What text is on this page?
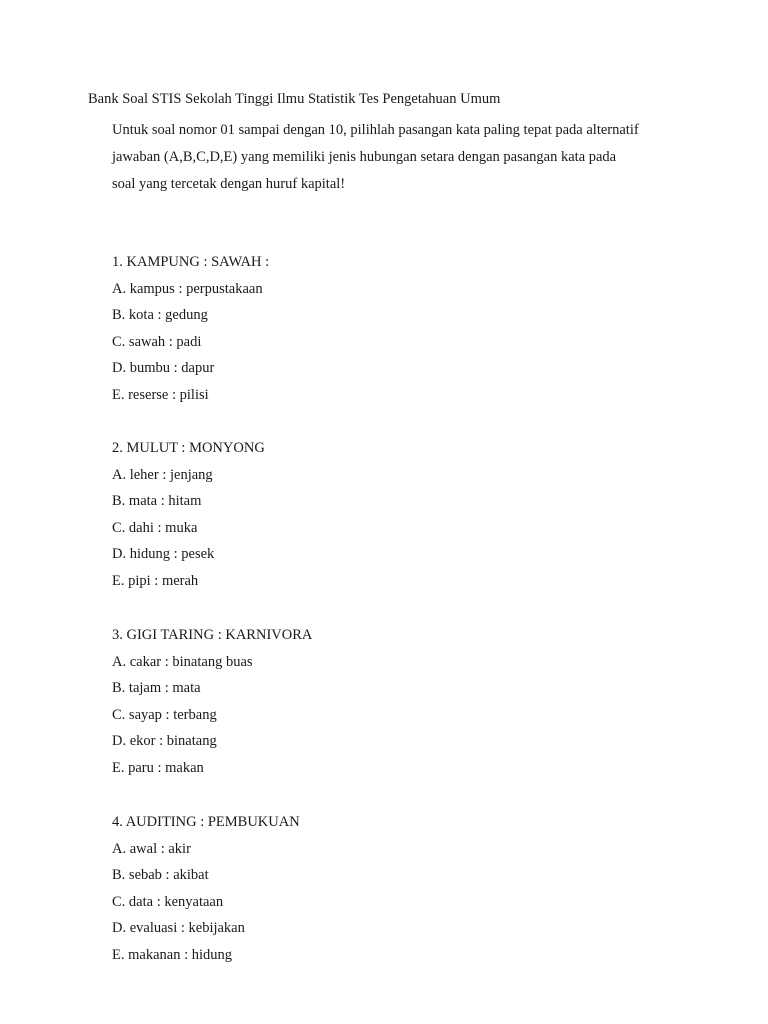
Bank Soal STIS Sekolah Tinggi Ilmu Statistik Tes Pengetahuan Umum

Untuk soal nomor 01 sampai dengan 10, pilihlah pasangan kata paling tepat pada alternatif
jawaban (A,B,C,D,E) yang memiliki jenis hubungan setara dengan pasangan kata pada
soal yang tercetak dengan huruf kapital!

1. KAMPUNG : SAWAH :
A. kampus : perpustakaan
B. kota : gedung
C. sawah : padi
D. bumbu : dapur
E. reserse : pilisi
2. MULUT : MONYONG
A. leher : jenjang
B. mata : hitam
C. dahi : muka
D. hidung : pesek
E. pipi : merah
3. GIGI TARING : KARNIVORA
A. cakar : binatang buas
B. tajam : mata
C. sayap : terbang
D. ekor : binatang
E. paru : makan
4. AUDITING : PEMBUKUAN
A. awal : akir
B. sebab : akibat
C. data : kenyataan
D. evaluasi : kebijakan
E. makanan : hidung
